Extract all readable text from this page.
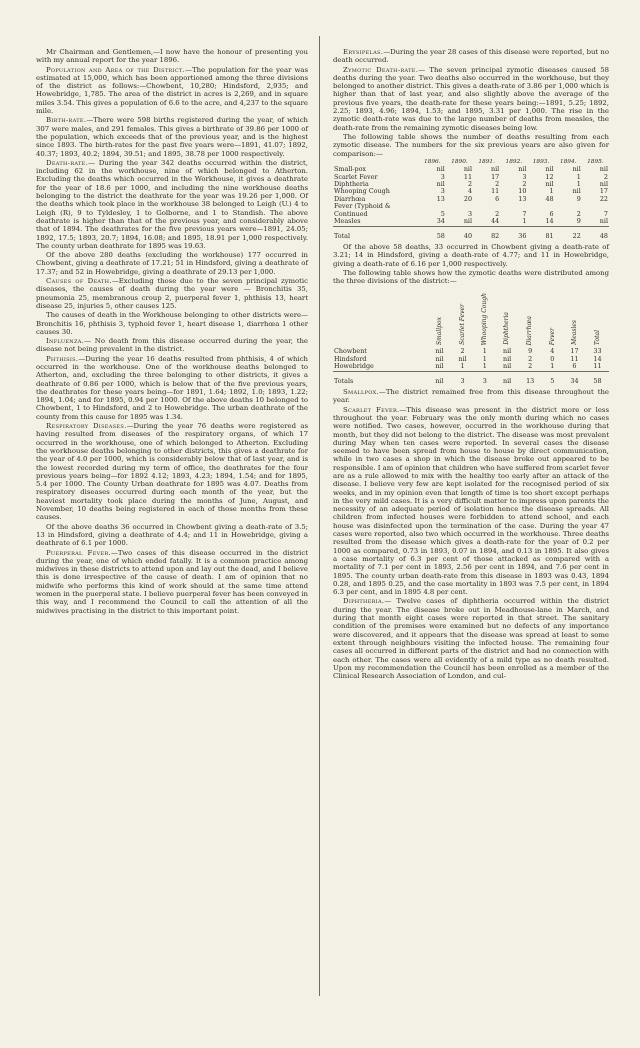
Mr Chairman and Gentlemen,—I now have the honour of presenting you with my annual report for the year 1896.

Population and Area of the District.—The population for the year was estimated at 15,000, which has been apportioned among the three divisions of the district as follows:—Chowbent, 10,280; Hindsford, 2,935; and Howebridge, 1,785. The area of the district in acres is 2,269, and in square miles 3.54. This gives a population of 6.6 to the acre, and 4,237 to the square mile.

Birth-rate.—There were 598 births registered during the year, of which 307 were males, and 291 females. This gives a birthrate of 39.86 per 1000 of the population, which exceeds that of the previous year, and is the highest since 1893. The birth-rates for the past five years were—1891, 41.07; 1892, 40.37; 1893, 40.2; 1894, 39.51; and 1895, 38.78 per 1000 respectively.

Death-rate.— During the year 342 deaths occurred within the district, including 62 in the workhouse, nine of which belonged to Atherton. Excluding the deaths which occurred in the Workhouse, it gives a deathrate for the year of 18.6 per 1000, and including the nine workhouse deaths belonging to the district the deathrate for the year was 19.26 per 1,000. Of the deaths which took place in the workhouse 38 belonged to Leigh (U.) 4 to Leigh (R), 9 to Tyldesley, 1 to Golborne, and 1 to Standish. The above deathrate is higher than that of the previous year, and considerably above that of 1894. The deathrates for the five previous years were—1891, 24.05; 1892, 17.5; 1893, 20.7; 1894, 16.08; and 1895, 18.91 per 1,000 respectively. The county urban deathrate for 1895 was 19.63.

Of the above 280 deaths (excluding the workhouse) 177 occurred in Chowbent, giving a deathrate of 17.21; 51 in Hindsford, giving a deathrate of 17.37; and 52 in Howebridge, giving a deathrate of 29.13 per 1,000.

Causes of Death.—Excluding those due to the seven principal zymotic diseases, the causes of death during the year were — Bronchitis 35, pneumonia 25, membranous croup 2, puerperal fever 1, phthisis 13, heart disease 25, injuries 5, other causes 125.

The causes of death in the Workhouse belonging to other districts were—Bronchitis 16, phthisis 3, typhoid fever 1, heart disease 1, diarrhœa 1 other causes 30.

Influenza.— No death from this disease occurred during the year, the disease not being prevalent in the district.

Phthisis.—During the year 16 deaths resulted from phthisis, 4 of which occurred in the workhouse. One of the workhouse deaths belonged to Atherton, and, excluding the three belonging to other districts, it gives a deathrate of 0.86 per 1000, which is below that of the five previous years, the deathrates for these years being—for 1891, 1.64; 1892, 1.0; 1893, 1.22; 1894, 1.04; and for 1895, 0.94 per 1000. Of the above deaths 10 belonged to Chowbent, 1 to Hindsford, and 2 to Howebridge. The urban deathrate of the county from this cause for 1895 was 1.34.

Respiratory Diseases.—During the year 76 deaths were registered as having resulted from diseases of the respiratory organs, of which 17 occurred in the workhouse, one of which belonged to Atherton. Excluding the workhouse deaths belonging to other districts, this gives a deathrate for the year of 4.0 per 1000, which is considerably below that of last year, and is the lowest recorded during my term of office, the deathrates for the four previous years being—for 1892 4.12; 1893, 4.23; 1894, 1.54; and for 1895, 5.4 per 1000. The County Urban deathrate for 1895 was 4.07. Deaths from respiratory diseases occurred during each month of the year, but the heaviest mortality took place during the months of June, August, and November, 10 deaths being registered in each of those months from these causes.

Of the above deaths 36 occurred in Chowbent giving a death-rate of 3.5; 13 in Hindsford, giving a deathrate of 4.4; and 11 in Howebridge, giving a deathrate of 6.1 per 1000.

Puerperal Fever.—Two cases of this disease occurred in the district during the year, one of which ended fatally. It is a common practice among midwives in these districts to attend upon and lay out the dead, and I believe this is done irrespective of the cause of death. I am of opinion that no midwife who performs this kind of work should at the same time attend women in the puerperal state. I believe puerperal fever has been conveyed in this way, and I recommend the Council to call the attention of all the midwives practising in the district to this important point.

Erysipelas.—During the year 28 cases of this disease were reported, but no death occurred.

Zymotic Death-rate.— The seven principal zymotic diseases caused 58 deaths during the year. Two deaths also occurred in the workhouse, but they belonged to another district. This gives a death-rate of 3.86 per 1,000 which is higher than that of last year, and also slightly above the average of the previous five years, the death-rate for these years being:—1891, 5.25; 1892, 2.25; 1893, 4.96; 1894, 1.53; and 1895, 3.31 per 1,000. The rise in the zymotic death-rate was due to the large number of deaths from measles, the death-rate from the remaining zymotic diseases being low.

The following table shows the number of deaths resulting from each zymotic disease. The numbers for the six previous years are also given for comparison:—

	1896.	1890.	1891.	1892.	1893.	1894.	1895.
Small-pox	nil	nil	nil	nil	nil	nil	nil
Scarlet Fever	3	11	17	3	12	1	2
Diphtheria	nil	2	2	2	nil	1	nil
Whooping Cough	3	4	11	10	1	nil	17
Diarrhœa	13	20	6	13	48	9	22
Fever (Typhoid &							
Continued	5	3	2	7	6	2	7
Measles	34	nil	44	1	14	9	nil

Total	58	40	82	36	81	22	48

Of the above 58 deaths, 33 occurred in Chowbent giving a death-rate of 3.21; 14 in Hindsford, giving a death-rate of 4.77; and 11 in Howebridge, giving a death-rate of 6.16 per 1,000 respectively.

The following table shows how the zymotic deaths were distributed among the three divisions of the district:—

	Smallpox	Scarlet Fever	Whooping Cough	Diphtheria	Diarrhœa	Fever	Measles	Total
Chowbent	nil	2	1	nil	9	4	17	33
Hindsford	nil	nil	1	nil	2	0	11	14
Howebridge	nil	1	1	nil	2	1	6	11

Totals	nil	3	3	nil	13	5	34	58

Smallpox.—The district remained free from this disease throughout the year.

Scarlet Fever.—This disease was present in the district more or less throughout the year. February was the only month during which no cases were notified. Two cases, however, occurred in the workhouse during that month, but they did not belong to the district. The disease was most prevalent during May when ten cases were reported. In several cases the disease seemed to have been spread from house to house by direct communication, while in two cases a shop in which the disease broke out appeared to be responsible. I am of opinion that children who have suffered from scarlet fever are as a rule allowed to mix with the healthy too early after an attack of the disease. I believe very few are kept isolated for the recognised period of six weeks, and in my opinion even that length of time is too short except perhaps in the very mild cases. It is a very difficult matter to impress upon parents the necessity of an adequate period of isolation hence the disease spreads. All children from infected houses were forbidden to attend school, and each house was disinfected upon the termination of the case. During the year 47 cases were reported, also two which occurred in the workhouse. Three deaths resulted from the disease which gives a death-rate for the year of 0.2 per 1000 as compared, 0.73 in 1893, 0.07 in 1894, and 0.13 in 1895. It also gives a case mortality of 6.3 per cent of those attacked as compared with a mortality of 7.1 per cent in 1893, 2.56 per cent in 1894, and 7.6 per cent in 1895. The county urban death-rate from this disease in 1893 was 0.43, 1894 0.28, and 1895 0.25, and the case mortality in 1893 was 7.5 per cent, in 1894 6.3 per cent, and in 1895 4.8 per cent.

Diphtheria.— Twelve cases of diphtheria occurred within the district during the year. The disease broke out in Meadhouse-lane in March, and during that month eight cases were reported in that street. The sanitary condition of the premises were examined but no defects of any importance were discovered, and it appears that the disease was spread at least to some extent through neighbours visiting the infected house. The remaining four cases all occurred in different parts of the district and had no connection with each other. The cases were all evidently of a mild type as no death resulted. Upon my recommendation the Council has been enrolled as a member of the Clinical Research Association of London, and cul-
